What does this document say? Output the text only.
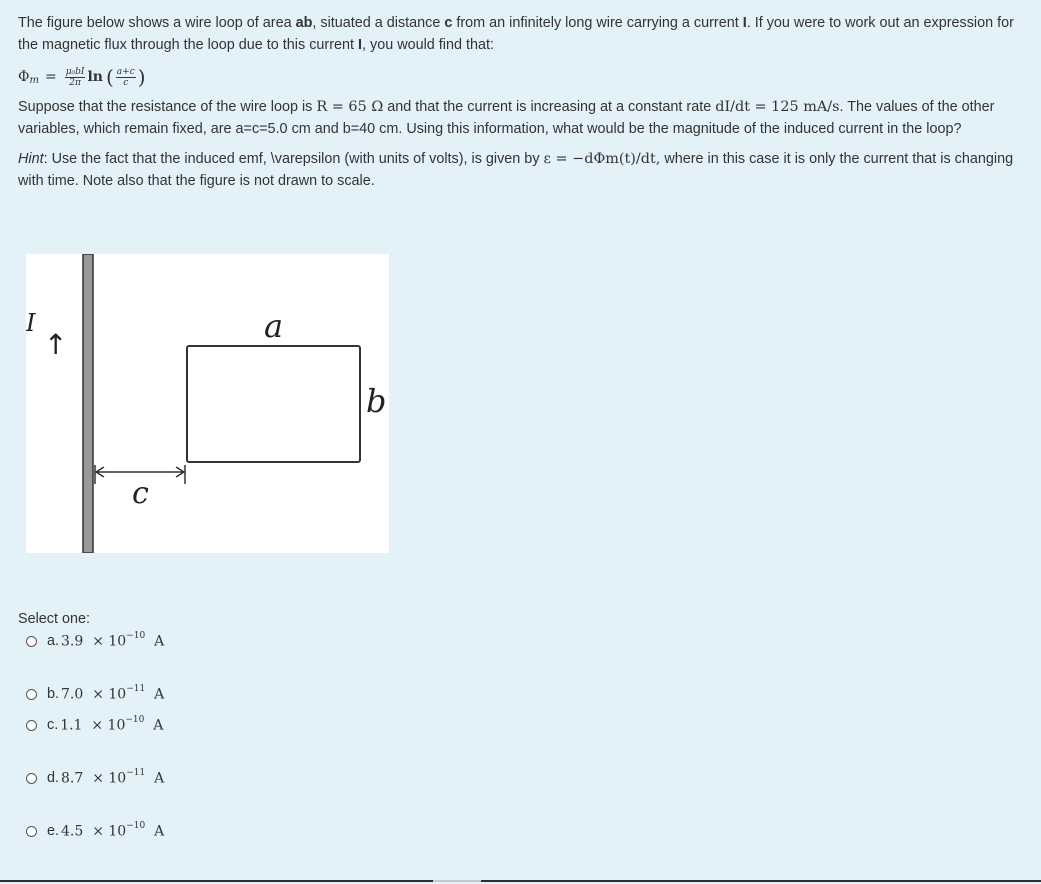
The figure below shows a wire loop of area ab, situated a distance c from an infinitely long wire carrying a current I. If you were to work out an expression for the magnetic flux through the loop due to this current I, you would find that:

Φ $m = \frac{\text{μ₀bI}}{2\pi}$ ln ( $\frac{a+c}{c}$ )

Suppose that the resistance of the wire loop is R = 65 Ω and that the current is increasing at a constant rate dI/dt = 125 mA/s. The values of the other variables, which remain fixed, are a=c=5.0 cm and b=40 cm. Using this information, what would be the magnitude of the induced current in the loop?

Hint: Use the fact that the induced emf, \varepsilon (with units of volts), is given by ε = −dΦm(t)/dt, where in this case it is only the current that is changing with time. Note also that the figure is not drawn to scale.

I
↑	a
b
c

Select one:

a. $3.9 \times 10^{-10}$ A
b. $7.0 \times 10^{-11}$ A
c. $1.1 \times 10^{-10}$ A
d. $8.7 \times 10^{-11}$ A
e. $4.5 \times 10^{-10}$ A
